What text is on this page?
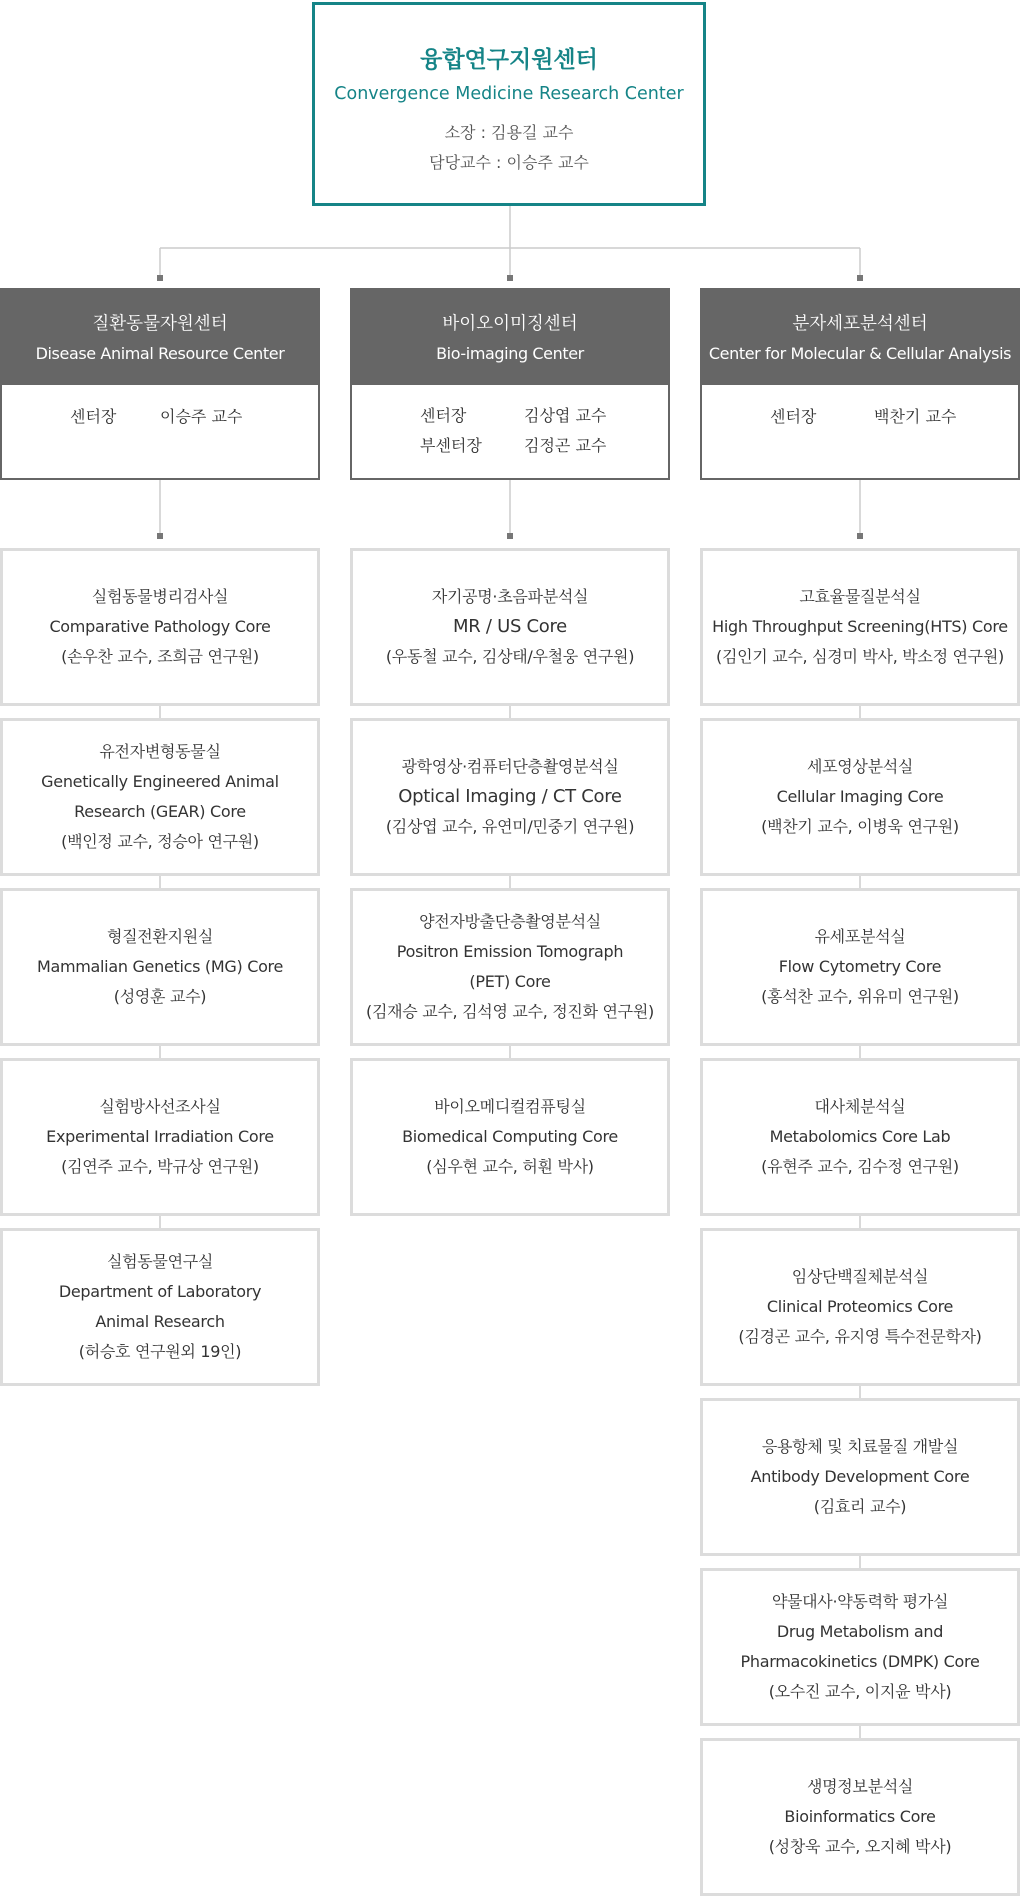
융합연구지원센터
Convergence Medicine Research Center
소장 : 김용길 교수
담당교수 : 이승주 교수
질환동물자원센터
Disease Animal Resource Center
센터장	이승주 교수
실험동물병리검사실
Comparative Pathology Core
(손우찬 교수, 조희금 연구원)
유전자변형동물실
Genetically Engineered Animal
Research (GEAR) Core
(백인정 교수, 정승아 연구원)
형질전환지원실
Mammalian Genetics (MG) Core
(성영훈 교수)
실험방사선조사실
Experimental Irradiation Core
(김연주 교수, 박규상 연구원)
실험동물연구실
Department of Laboratory
Animal Research
(허승호 연구원외 19인)
바이오이미징센터
Bio-imaging Center
센터장	김상엽 교수
부센터장	김정곤 교수
자기공명·초음파분석실
MR / US Core
(우동철 교수, 김상태/우철웅 연구원)
광학영상·컴퓨터단층촬영분석실
Optical Imaging / CT Core
(김상엽 교수, 유연미/민중기 연구원)
양전자방출단층촬영분석실
Positron Emission Tomograph
(PET) Core
(김재승 교수, 김석영 교수, 정진화 연구원)
바이오메디컬컴퓨팅실
Biomedical Computing Core
(심우현 교수, 허훤 박사)
분자세포분석센터
Center for Molecular & Cellular Analysis
센터장	백찬기 교수
고효율물질분석실
High Throughput Screening(HTS) Core
(김인기 교수, 심경미 박사, 박소정 연구원)
세포영상분석실
Cellular Imaging Core
(백찬기 교수, 이병욱 연구원)
유세포분석실
Flow Cytometry Core
(홍석찬 교수, 위유미 연구원)
대사체분석실
Metabolomics Core Lab
(유현주 교수, 김수정 연구원)
임상단백질체분석실
Clinical Proteomics Core
(김경곤 교수, 유지영 특수전문학자)
응용항체 및 치료물질 개발실
Antibody Development Core
(김효리 교수)
약물대사·약동력학 평가실
Drug Metabolism and
Pharmacokinetics (DMPK) Core
(오수진 교수, 이지윤 박사)
생명정보분석실
Bioinformatics Core
(성창욱 교수, 오지혜 박사)
